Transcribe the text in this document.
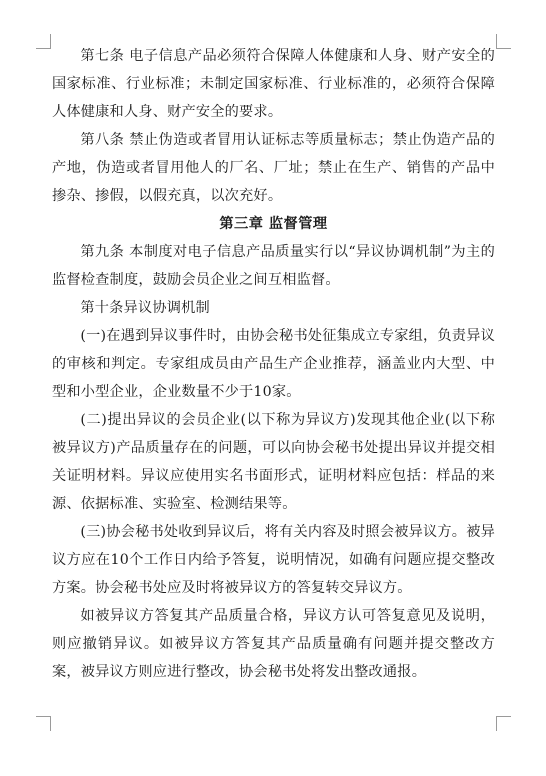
第七条 电子信息产品必须符合保障人体健康和人身、财产安全的国家标准、行业标准；未制定国家标准、行业标准的，必须符合保障人体健康和人身、财产安全的要求。

第八条 禁止伪造或者冒用认证标志等质量标志；禁止伪造产品的产地，伪造或者冒用他人的厂名、厂址；禁止在生产、销售的产品中掺杂、掺假，以假充真，以次充好。

第三章 监督管理

第九条 本制度对电子信息产品质量实行以“异议协调机制”为主的监督检查制度，鼓励会员企业之间互相监督。

第十条异议协调机制

(一)在遇到异议事件时，由协会秘书处征集成立专家组，负责异议的审核和判定。专家组成员由产品生产企业推荐，涵盖业内大型、中型和小型企业，企业数量不少于10家。

(二)提出异议的会员企业(以下称为异议方)发现其他企业(以下称被异议方)产品质量存在的问题，可以向协会秘书处提出异议并提交相关证明材料。异议应使用实名书面形式，证明材料应包括：样品的来源、依据标准、实验室、检测结果等。

(三)协会秘书处收到异议后，将有关内容及时照会被异议方。被异议方应在10个工作日内给予答复，说明情况，如确有问题应提交整改方案。协会秘书处应及时将被异议方的答复转交异议方。

如被异议方答复其产品质量合格，异议方认可答复意见及说明，则应撤销异议。如被异议方答复其产品质量确有问题并提交整改方案，被异议方则应进行整改，协会秘书处将发出整改通报。
